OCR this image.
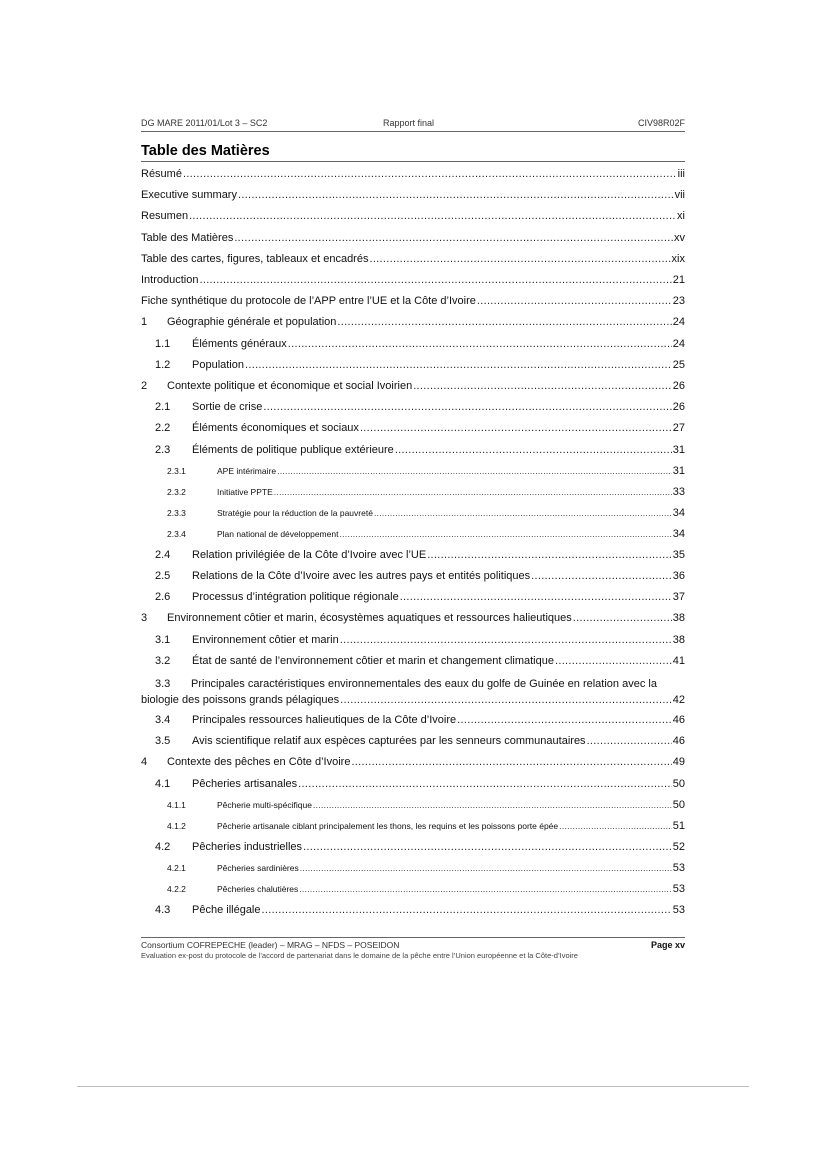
DG MARE 2011/01/Lot 3 – SC2	Rapport final	CIV98R02F
Table des Matières
Résumé .....	iii
Executive summary .....	vii
Resumen .....	xi
Table des Matières .....	xv
Table des cartes, figures, tableaux et encadrés .....	xix
Introduction .....	21
Fiche synthétique du protocole de l’APP entre l’UE et la Côte d’Ivoire .....	23
1 Géographie générale et population .....	24
1.1 Éléments généraux .....	24
1.2 Population .....	25
2 Contexte politique et économique et social Ivoirien .....	26
2.1 Sortie de crise .....	26
2.2 Éléments économiques et sociaux .....	27
2.3 Éléments de politique publique extérieure .....	31
2.3.1	APE intérimaire .....	31
2.3.2	Initiative PPTE .....	33
2.3.3	Stratégie pour la réduction de la pauvreté .....	34
2.3.4	Plan national de développement .....	34
2.4 Relation privilégiée de la Côte d’Ivoire avec l’UE .....	35
2.5 Relations de la Côte d’Ivoire avec les autres pays et entités politiques .....	36
2.6 Processus d’intégration politique régionale .....	37
3 Environnement côtier et marin, écosystèmes aquatiques et ressources halieutiques .....	38
3.1 Environnement côtier et marin .....	38
3.2 État de santé de l’environnement côtier et marin et changement climatique .....	41
3.3 Principales caractéristiques environnementales des eaux du golfe de Guinée en relation avec la
biologie des poissons grands pélagiques .....	42
3.4 Principales ressources halieutiques de la Côte d’Ivoire .....	46
3.5 Avis scientifique relatif aux espèces capturées par les senneurs communautaires .....	46
4 Contexte des pêches en Côte d’Ivoire .....	49
4.1 Pêcheries artisanales .....	50
4.1.1	Pêcherie multi-spécifique .....	50
4.1.2	Pêcherie artisanale ciblant principalement les thons, les requins et les poissons porte épée .....	51
4.2 Pêcheries industrielles .....	52
4.2.1	Pêcheries sardinières .....	53
4.2.2	Pêcheries chalutières .....	53
4.3 Pêche illégale .....	53
Consortium COFREPECHE (leader) – MRAG – NFDS – POSEIDON	Page xv
Evaluation ex-post du protocole de l’accord de partenariat dans le domaine de la pêche entre l’Union européenne et la Côte-d’Ivoire
